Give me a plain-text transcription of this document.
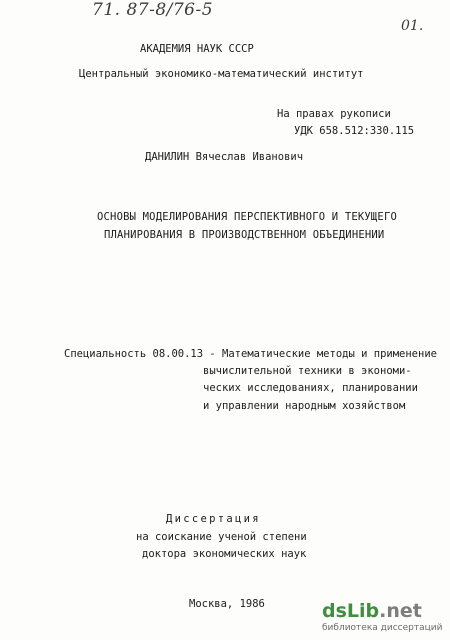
71. 87-8/76-5
01.
АКАДЕМИЯ НАУК СССР
Центральный экономико-математический институт
На правах рукописи
УДК 658.512:330.115
ДАНИЛИН Вячеслав Иванович
ОСНОВЫ МОДЕЛИРОВАНИЯ ПЕРСПЕКТИВНОГО И ТЕКУЩЕГО
ПЛАНИРОВАНИЯ В ПРОИЗВОДСТВЕННОМ ОБЪЕДИНЕНИИ
Специальность 08.00.13 - Математические методы и применение
вычислительной техники в экономи-
ческих исследованиях, планировании
и управлении народным хозяйством
Диссертация
на соискание ученой степени
доктора экономических наук
Москва, 1986	dsLib.net
библиотека диссертаций
